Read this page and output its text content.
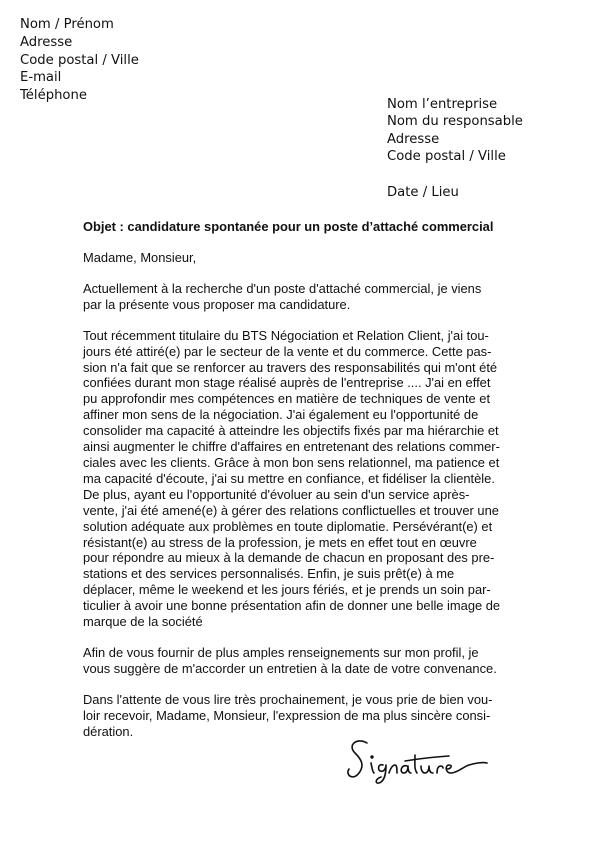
Nom / Prénom
Adresse
Code postal / Ville
E-mail
Téléphone
Nom l’entreprise
Nom du responsable
Adresse
Code postal / Ville
Date / Lieu
Objet : candidature spontanée pour un poste d’attaché commercial

Madame, Monsieur,

Actuellement à la recherche d'un poste d'attaché commercial, je viens
par la présente vous proposer ma candidature.

Tout récemment titulaire du BTS Négociation et Relation Client, j'ai tou-
jours été attiré(e) par le secteur de la vente et du commerce. Cette pas-
sion n'a fait que se renforcer au travers des responsabilités qui m'ont été
confiées durant mon stage réalisé auprès de l'entreprise .... J'ai en effet
pu approfondir mes compétences en matière de techniques de vente et
affiner mon sens de la négociation. J'ai également eu l'opportunité de
consolider ma capacité à atteindre les objectifs fixés par ma hiérarchie et
ainsi augmenter le chiffre d'affaires en entretenant des relations commer-
ciales avec les clients. Grâce à mon bon sens relationnel, ma patience et
ma capacité d'écoute, j'ai su mettre en confiance, et fidéliser la clientèle.
De plus, ayant eu l'opportunité d'évoluer au sein d'un service après-
vente, j'ai été amené(e) à gérer des relations conflictuelles et trouver une
solution adéquate aux problèmes en toute diplomatie. Persévérant(e) et
résistant(e) au stress de la profession, je mets en effet tout en œuvre
pour répondre au mieux à la demande de chacun en proposant des pre-
stations et des services personnalisés. Enfin, je suis prêt(e) à me
déplacer, même le weekend et les jours fériés, et je prends un soin par-
ticulier à avoir une bonne présentation afin de donner une belle image de
marque de la société

Afin de vous fournir de plus amples renseignements sur mon profil, je
vous suggère de m'accorder un entretien à la date de votre convenance.

Dans l'attente de vous lire très prochainement, je vous prie de bien vou-
loir recevoir, Madame, Monsieur, l'expression de ma plus sincère consi-
dération.
